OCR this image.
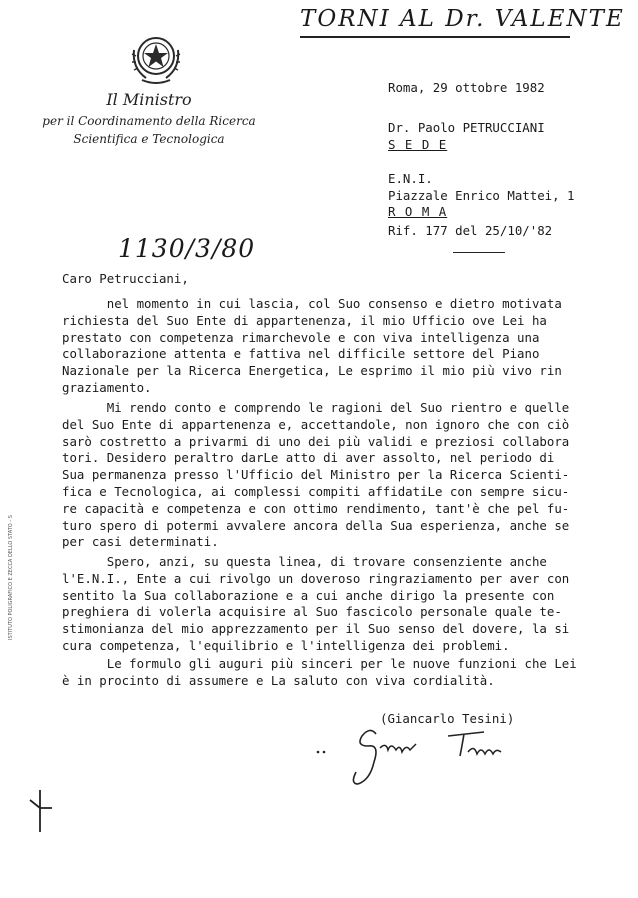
TORNI AL Dr. VALENTE
Il Ministro
per il Coordinamento della Ricerca
Scientifica e Tecnologica
Roma, 29 ottobre 1982
Dr. Paolo PETRUCCIANI
S E D E
E.N.I.
Piazzale Enrico Mattei, 1
R O M A
Rif. 177 del 25/10/'82
1130/3/80
Caro Petrucciani,
nel momento in cui lascia, col Suo consenso e dietro motivata
richiesta del Suo Ente di appartenenza, il mio Ufficio ove Lei ha
prestato con competenza rimarchevole e con viva intelligenza una
collaborazione attenta e fattiva nel difficile settore del Piano
Nazionale per la Ricerca Energetica, Le esprimo il mio più vivo rin
graziamento.
Mi rendo conto e comprendo le ragioni del Suo rientro e quelle
del Suo Ente di appartenenza e, accettandole, non ignoro che con ciò
sarò costretto a privarmi di uno dei più validi e preziosi collabora
tori. Desidero peraltro darLe atto di aver assolto, nel periodo di
Sua permanenza presso l'Ufficio del Ministro per la Ricerca Scienti-
fica e Tecnologica, ai complessi compiti affidatiLe con sempre sicu-
re capacità e competenza e con ottimo rendimento, tant'è che pel fu-
turo spero di potermi avvalere ancora della Sua esperienza, anche se
per casi determinati.
Spero, anzi, su questa linea, di trovare consenziente anche
l'E.N.I., Ente a cui rivolgo un doveroso ringraziamento per aver con
sentito la Sua collaborazione e a cui anche dirigo la presente con
preghiera di volerla acquisire al Suo fascicolo personale quale te-
stimonianza del mio apprezzamento per il Suo senso del dovere, la si
cura competenza, l'equilibrio e l'intelligenza dei problemi.
Le formulo gli auguri più sinceri per le nuove funzioni che Lei
è in procinto di assumere e La saluto con viva cordialità.
(Giancarlo Tesini)
ISTITUTO POLIGRAFICO E ZECCA DELLO STATO - S
